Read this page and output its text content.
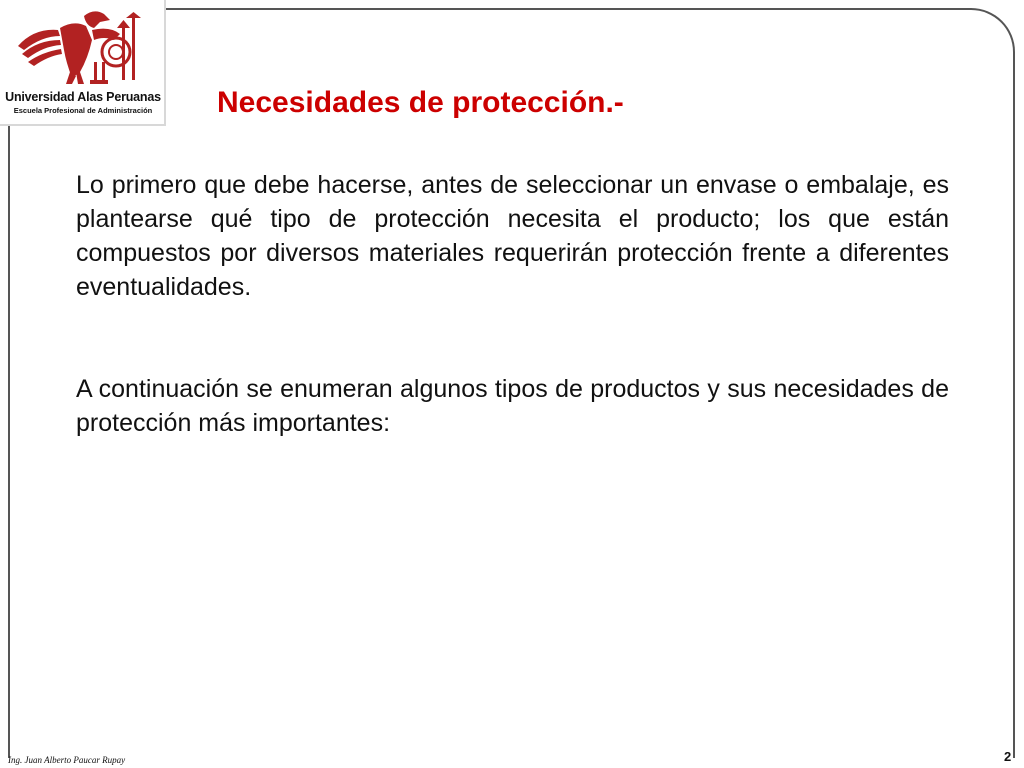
Universidad Alas Peruanas
Escuela Profesional de Administración	Necesidades de protección.-

Lo primero que debe hacerse, antes de seleccionar un envase o embalaje, es plantearse qué tipo de protección necesita el producto; los que están compuestos por diversos materiales requerirán protección frente a diferentes eventualidades.

A continuación se enumeran algunos tipos de productos y sus necesidades de protección más importantes:

Ing. Juan Alberto Paucar Rupay	2
